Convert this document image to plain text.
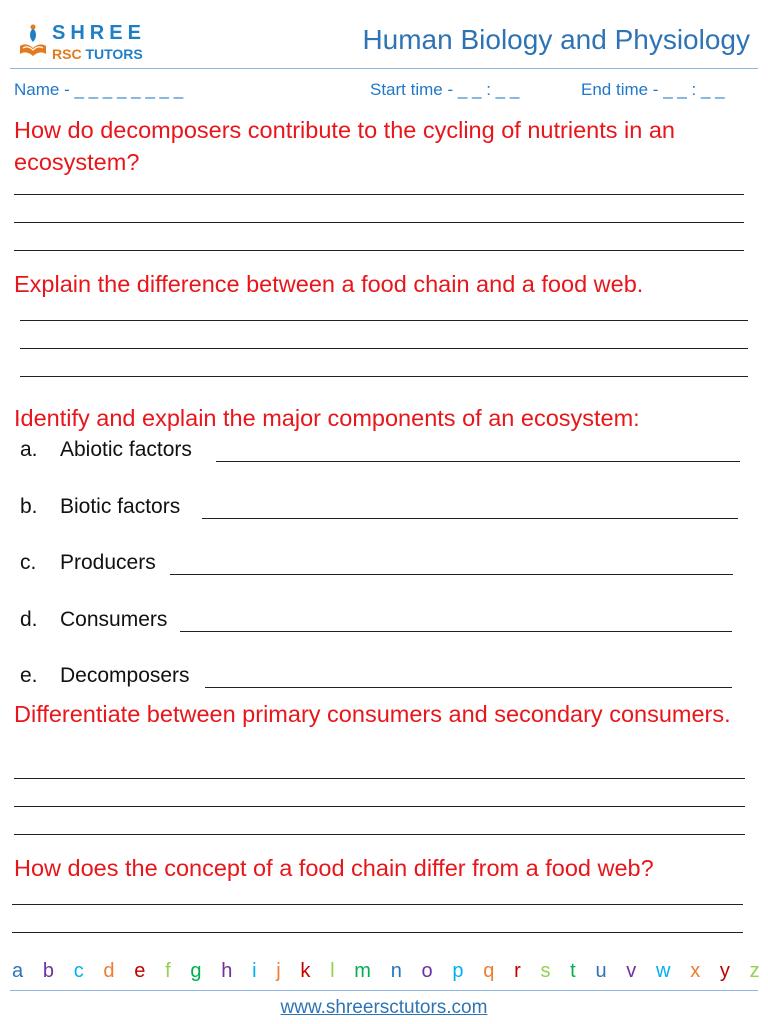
SHREE
RSC TUTORS	Human Biology and Physiology
Name - _ _ _ _ _ _ _ _	Start time - _ _ : _ _	End time - _ _ : _ _
How do decomposers contribute to the cycling of nutrients in an ecosystem?
Explain the difference between a food chain and a food web.
Identify and explain the major components of an ecosystem:
a. Abiotic factors
b. Biotic factors
c. Producers
d. Consumers
e. Decomposers
Differentiate between primary consumers and secondary consumers.
How does the concept of a food chain differ from a food web?
a b c d e f g h i j k l m n o p q r s t u v w x y z
www.shreersctutors.com
